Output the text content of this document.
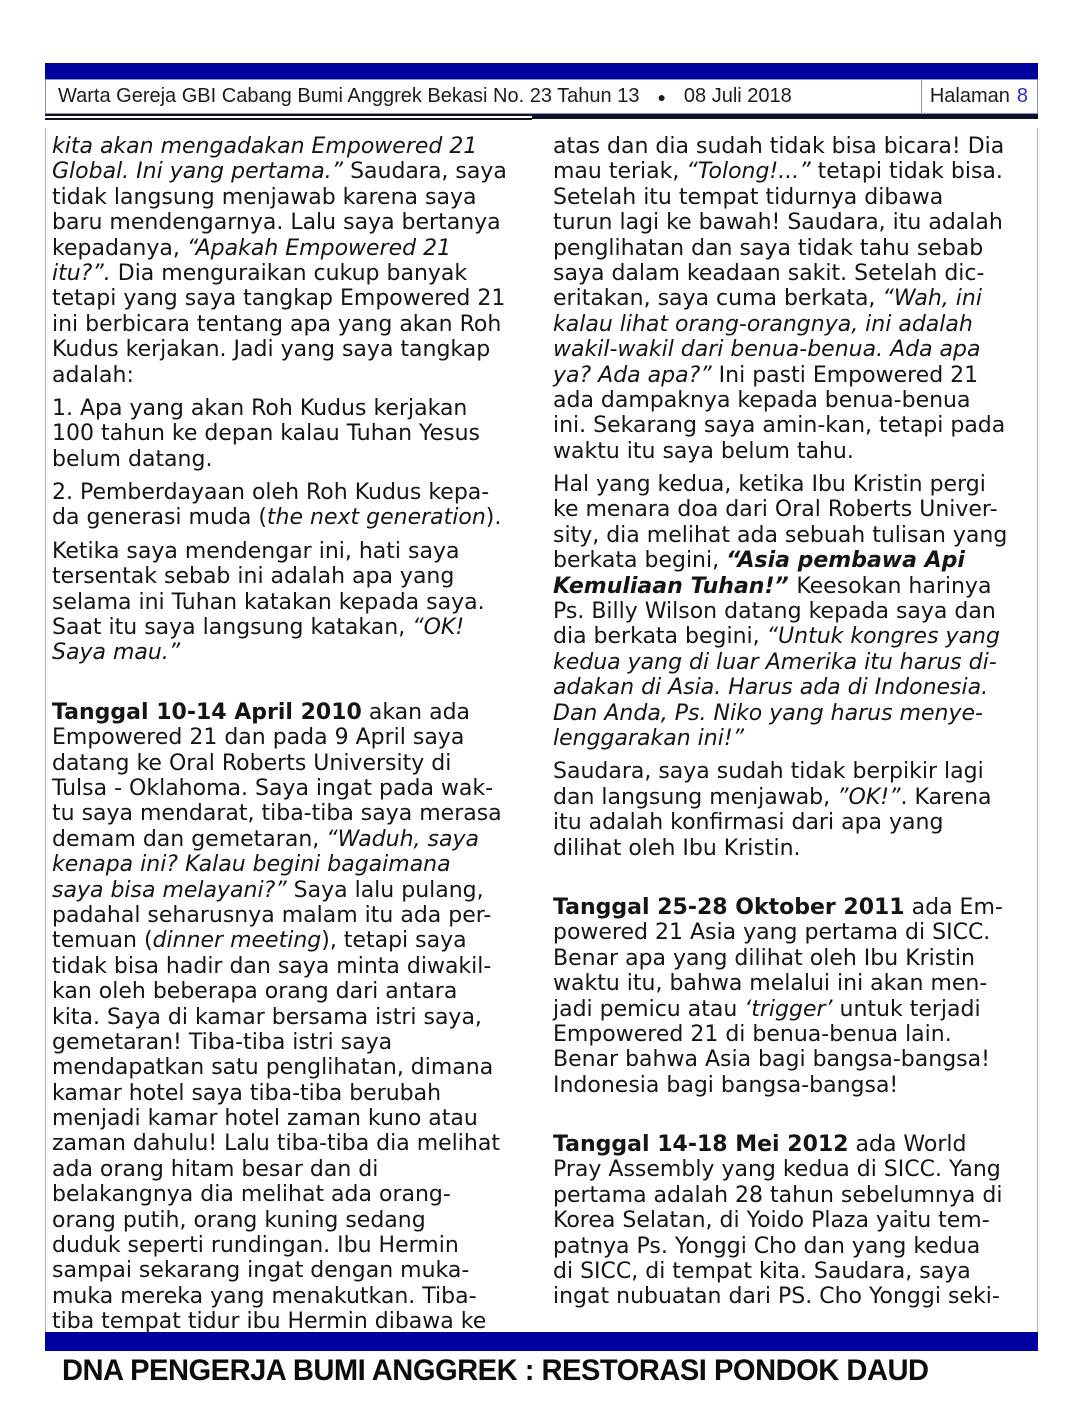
Warta Gereja GBI Cabang Bumi Anggrek Bekasi No. 23 Tahun 13 ● 08 Juli 2018	Halaman 8
kita akan mengadakan Empowered 21
Global. Ini yang pertama.” Saudara, saya
tidak langsung menjawab karena saya
baru mendengarnya. Lalu saya bertanya
kepadanya, “Apakah Empowered 21
itu?”. Dia menguraikan cukup banyak
tetapi yang saya tangkap Empowered 21
ini berbicara tentang apa yang akan Roh
Kudus kerjakan. Jadi yang saya tangkap
adalah:
1. Apa yang akan Roh Kudus kerjakan
100 tahun ke depan kalau Tuhan Yesus
belum datang.
2. Pemberdayaan oleh Roh Kudus kepa-
da generasi muda (the next generation).
Ketika saya mendengar ini, hati saya
tersentak sebab ini adalah apa yang
selama ini Tuhan katakan kepada saya.
Saat itu saya langsung katakan, “OK!
Saya mau.”
Tanggal 10-14 April 2010 akan ada
Empowered 21 dan pada 9 April saya
datang ke Oral Roberts University di
Tulsa - Oklahoma. Saya ingat pada wak-
tu saya mendarat, tiba-tiba saya merasa
demam dan gemetaran, “Waduh, saya
kenapa ini? Kalau begini bagaimana
saya bisa melayani?” Saya lalu pulang,
padahal seharusnya malam itu ada per-
temuan (dinner meeting), tetapi saya
tidak bisa hadir dan saya minta diwakil-
kan oleh beberapa orang dari antara
kita. Saya di kamar bersama istri saya,
gemetaran! Tiba-tiba istri saya
mendapatkan satu penglihatan, dimana
kamar hotel saya tiba-tiba berubah
menjadi kamar hotel zaman kuno atau
zaman dahulu! Lalu tiba-tiba dia melihat
ada orang hitam besar dan di
belakangnya dia melihat ada orang-
orang putih, orang kuning sedang
duduk seperti rundingan. Ibu Hermin
sampai sekarang ingat dengan muka-
muka mereka yang menakutkan. Tiba-
tiba tempat tidur ibu Hermin dibawa ke
atas dan dia sudah tidak bisa bicara! Dia
mau teriak, “Tolong!...” tetapi tidak bisa.
Setelah itu tempat tidurnya dibawa
turun lagi ke bawah! Saudara, itu adalah
penglihatan dan saya tidak tahu sebab
saya dalam keadaan sakit. Setelah dic-
eritakan, saya cuma berkata, “Wah, ini
kalau lihat orang-orangnya, ini adalah
wakil-wakil dari benua-benua. Ada apa
ya? Ada apa?” Ini pasti Empowered 21
ada dampaknya kepada benua-benua
ini. Sekarang saya amin-kan, tetapi pada
waktu itu saya belum tahu.
Hal yang kedua, ketika Ibu Kristin pergi
ke menara doa dari Oral Roberts Univer-
sity, dia melihat ada sebuah tulisan yang
berkata begini, “Asia pembawa Api
Kemuliaan Tuhan!” Keesokan harinya
Ps. Billy Wilson datang kepada saya dan
dia berkata begini, “Untuk kongres yang
kedua yang di luar Amerika itu harus di-
adakan di Asia. Harus ada di Indonesia.
Dan Anda, Ps. Niko yang harus menye-
lenggarakan ini!”
Saudara, saya sudah tidak berpikir lagi
dan langsung menjawab, ”OK!”. Karena
itu adalah konfirmasi dari apa yang
dilihat oleh Ibu Kristin.
Tanggal 25-28 Oktober 2011 ada Em-
powered 21 Asia yang pertama di SICC.
Benar apa yang dilihat oleh Ibu Kristin
waktu itu, bahwa melalui ini akan men-
jadi pemicu atau ‘trigger’ untuk terjadi
Empowered 21 di benua-benua lain.
Benar bahwa Asia bagi bangsa-bangsa!
Indonesia bagi bangsa-bangsa!
Tanggal 14-18 Mei 2012 ada World
Pray Assembly yang kedua di SICC. Yang
pertama adalah 28 tahun sebelumnya di
Korea Selatan, di Yoido Plaza yaitu tem-
patnya Ps. Yonggi Cho dan yang kedua
di SICC, di tempat kita. Saudara, saya
ingat nubuatan dari PS. Cho Yonggi seki-
DNA PENGERJA BUMI ANGGREK : RESTORASI PONDOK DAUD
